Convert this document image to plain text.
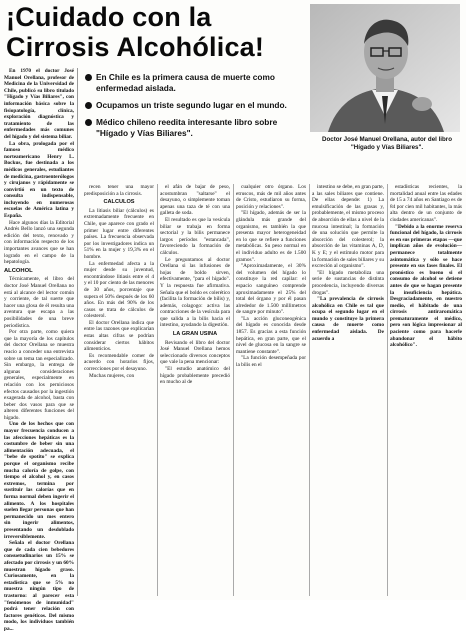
¡Cuidado con la
Cirrosis Alcohólica!
Doctor José Manuel Orellana, autor del libro "Hígado y Vías Biliares".

En 1970 el doctor José Manuel Orellana, profesor de Medicina de la Universidad de Chile, publicó su libro titulado "Hígado y Vías Biliares", con información básica sobre la fisiopatología, clínica, exploración diagnóstica y tratamiento de las enfermedades más comunes del hígado y del sistema biliar.

La obra, prologada por el famoso médico norteamericano Henry L. Bockus, fue destinada a los médicos generales, estudiantes de medicina, gastroenterólogos y cirujanos y rápidamente se convirtió en un texto de consulta indispensable, incluyendo en numerosas escuelas de América latina y España.

Hace algunos días la Editorial Andrés Bello lanzó una segunda edición del texto, renovado y con información respecto de los importantes avances que se han logrado en el campo de la hepatología.

ALCOHOL

Técnicamente, el libro del doctor José Manuel Orellana no está al alcance del lector común y corriente, de tal suerte que hacer una glosa de él resulta una aventura que escapa a las posibilidades de una breve periodística.

Por otra parte, como quiera que la mayoría de los capítulos del doctor Orellana se muestra reacio a conceder una entrevista sobre un tema tan especializado. Sin embargo, la entrega de algunas consideraciones generales, especialmente en relación con los perniciosos efectos causados por la ingestión exagerada de alcohol, basta con beber dos vasos para que se alteren diferentes funciones del hígado.

Uno de los hechos que con mayor frecuencia conducen a las afecciones hepáticas es la costumbre de beber sin una alimentación adecuada, el "bebe de spotito" se explica porque el organismo recibe mucha caloría de golpe, con tiempo el alcohol y, en casos extremos, termina por sustituir las calorías que en forma normal deben ingerir el alimento. A los hospitales suelen llegar personas que han permanecido un mes entero sin ingerir alimentos, presentando un desdoblado irreversiblemente.

Señala el doctor Orellana que de cada cien bebedores consuetudinarios un 15% se afectado por cirrosis y un 60% muestran hígado graso. Curiosamente, en la estadística que se 5% no muestra ningún tipo de trastorno: al parecer esta "fenómenos de inmunidad" podrá tener relación con factores genéticos. Del mismo modo, los individuos también pa...

En Chile es la primera causa de muerte como enfermedad aislada.
Ocupamos un triste segundo lugar en el mundo.
Médico chileno reedita interesante libro sobre "Hígado y Vías Biliares".

recen tener una mayor predisposición a la cirrosis.

CALCULOS

La litiasis biliar (cálculos) es extremadamente frecuente en Chile, que aparece con grado el primer lugar entre diferentes países. La frecuencia observada por los investigadores indica un 51% en la mujer y 19,3% en el hombre.

La enfermedad afecta a la mujer desde su juventud, encontrándose litiasis entre el 4 y el 10 por ciento de las menores de 30 años, porcentaje que supera el 50% después de los 60 años. En más del 90% de los casos se trata de cálculos de colesterol.

El doctor Orellana indica que entre las razones que explicarían estas altas cifras se podrían considerar ciertos hábitos alimenticios.

Es recomendable comer de acuerdo con horarios fijos, correcciones por el desayuno.

Muchas mujeres, con

el afán de bajar de peso, acostumbran "saltarse" el desayuno, o simplemente toman apenas una taza de té con una galleta de soda.

El resultado es que la vesícula biliar se trabaja en forma sectorial y la bilis permanece largos períodos "estancada", favoreciendo la formación de cálculos.

Le preguntamos al doctor Orellana si las infusiones de hojas de boldo sirven, efectivamente, "para el hígado". Y la respuesta fue afirmativa. Señala que el boldo es colerético (facilita la formación de bilis) y, además, colagogo: activa las contracciones de la vesícula para que salida a la bilis hacia el intestino, ayudando la digestión.

LA GRAN USINA

Revisando el libro del doctor José Manuel Orellana hemos seleccionado diversos conceptos que vale la pena mencionar:

"El estudio anatómico del hígado probablemente precedió en mucho al de

cualquier otro órgano. Los etruscos, más de mil años antes de Cristo, estudiaron su forma, posición y relaciones".

"El hígado, además de ser la glándula más grande del organismo, es también la que presenta mayor heterogeneidad en lo que se refiere a funciones metabólicas. Su peso normal en el individuo adulto es de 1.500 gramos".

"Aproximadamente, el 30% del volumen del hígado lo constituye la red capilar: el espacio sanguíneo comprende aproximadamente el 25% del total del órgano y por él pasan alrededor de 1.500 millimetros de sangre por minuto".

"La acción gluconeogénica del hígado es conocida desde 1857. Es gracias a esta función hepática, en gran parte, que el nivel de glucosa en la sangre se mantiene constante".

"La función desempeñada por la bilis en el

intestino se debe, en gran parte, a las sales biliares que contiene. De ellas depende: 1) La emulsificación de las grasas y, probablemente, el mismo proceso de absorción de ellas a nivel de la mucosa intestinal; la formación de una solución que permite la absorción del colesterol; la absorción de las vitaminas A, D, K y E; y el estímulo motor para la formación de sales biliares y su excreción al organismo".

"El hígado metaboliza una serie de sustancias de distinta procedencia, incluyendo diversas drogas".

"La prevalencia de cirrosis alcohólica en Chile es tal que ocupa el segundo lugar en el mundo y constituye la primera causa de muerte como enfermedad aislada. De acuerdo a

estadísticas recientes, la mortalidad anual entre las edades de 15 a 74 años en Santiago es de 84 por cien mil habitantes, la más alta dentro de un conjunto de ciudades americanas".

"Debido a la enorme reserva funcional del hígado, la cirrosis es en sus primeras etapas —que implican años de evolución— permanece totalmente asintomática y sólo se hace presente en sus fases finales. El pronóstico es bueno si el consumo de alcohol se detiene antes de que se hagan presente la insuficiencia hepática. Desgraciadamente, en nuestro medio, el hábitado de una cirrosis antiraromática prematuramente el médico, pero son lógica impresionar al paciente como para hacerle abandonar el hábito alcohólico".
